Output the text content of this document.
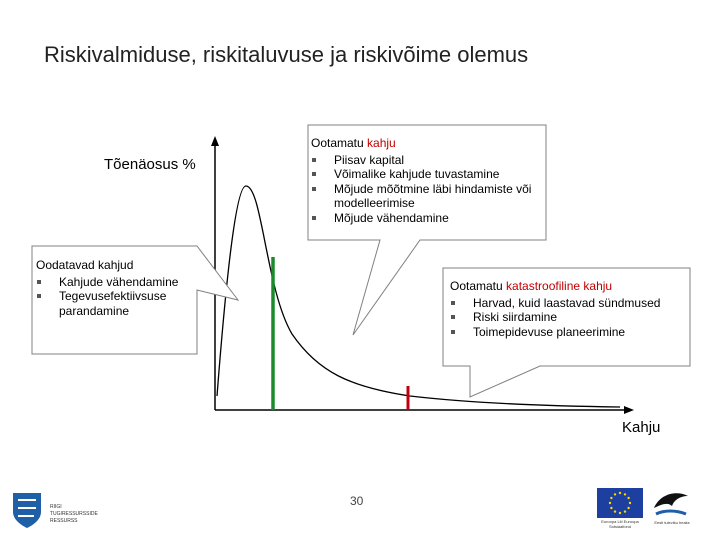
Riskivalmiduse, riskitaluvuse ja riskivõime olemus
Tõenäosus %
Kahju
Ootamatu kahju
Piisav kapital
Võimalike kahjude tuvastamine
Mõjude mõõtmine läbi hindamiste või modelleerimise
Mõjude vähendamine
Oodatavad kahjud
Kahjude vähendamine
Tegevusefektiivsuse parandamine
Ootamatu katastroofiline kahju
Harvad, kuid laastavad sündmused
Riski siirdamine
Toimepidevuse planeerimine
30
RIIGI TUGIRESSURSSIDE RESSURSS	Euroopa Liit Euroopa Sotsiaalfond
Eesti tuleviku heaks
